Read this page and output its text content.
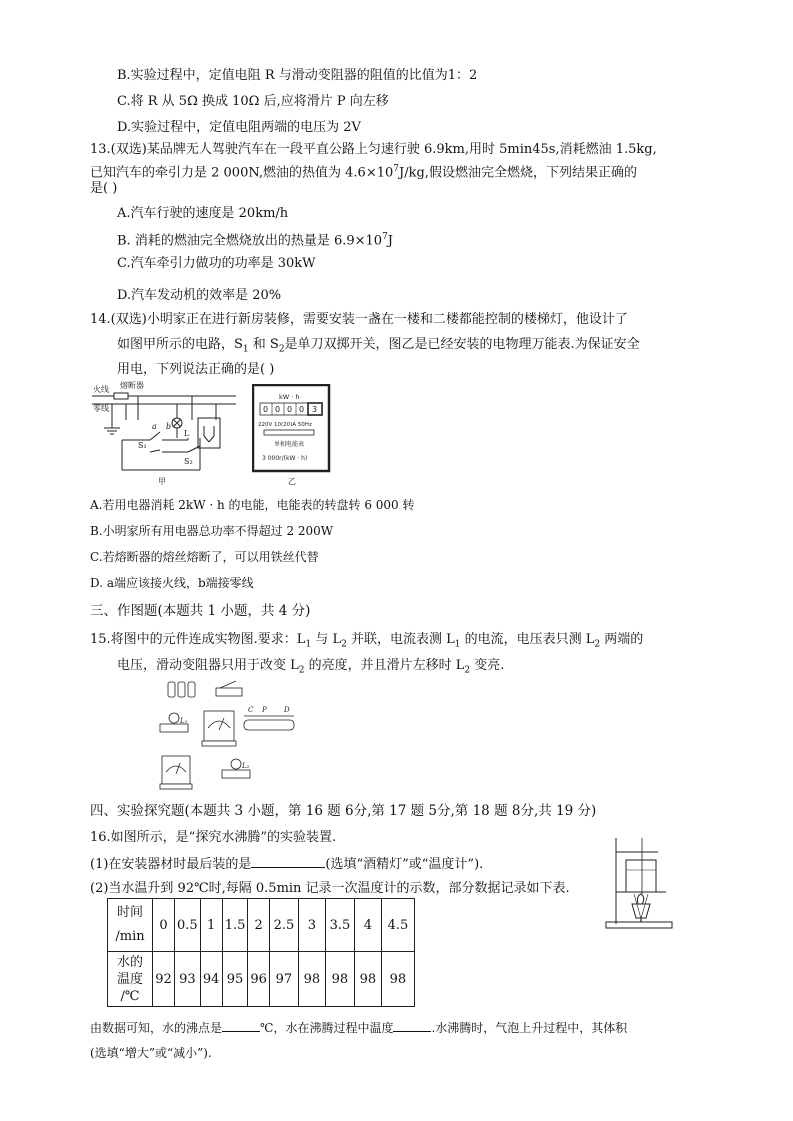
B.实验过程中，定值电阻 R 与滑动变阻器的阻值的比值为1：2
C.将 R 从 5Ω 换成 10Ω 后,应将滑片 P 向左移
D.实验过程中，定值电阻两端的电压为 2V
13.(双选)某品牌无人驾驶汽车在一段平直公路上匀速行驶 6.9km,用时 5min45s,消耗燃油 1.5kg,
已知汽车的牵引力是 2 000N,燃油的热值为 $4.6\times 10^7J/kg$,假设燃油完全燃烧，下列结果正确的
是( )
A.汽车行驶的速度是 20km/h
B. 消耗的燃油完全燃烧放出的热量是 $6.9\times 10^7J$
C.汽车牵引力做功的功率是 30kW
D.汽车发动机的效率是 20%
14.(双选)小明家正在进行新房装修，需要安装一盏在一楼和二楼都能控制的楼梯灯，他设计了
如图甲所示的电路，$S_1$ 和 $S_2$是单刀双掷开关，图乙是已经安装的电物理万能表.为保证安全
用电，下列说法正确的是( )
火线
零线
熔断器
a b
L
S₁
S₂
甲
kW · h
0 0 0 0 3
220V 10(20)A 50Hz
单相电能表
3 000r/(kW · h)
乙
A.若用电器消耗 2kW · h 的电能，电能表的转盘转 6 000 转
B.小明家所有用电器总功率不得超过 2 200W
C.若熔断器的熔丝熔断了，可以用铁丝代替
D. a端应该接火线，b端接零线
三、作图题(本题共 1 小题，共 4 分)
15.将图中的元件连成实物图.要求：$L_1$ 与 $L_2$ 并联，电流表测 $L_1$ 的电流，电压表只测 $L_2$ 两端的
电压，滑动变阻器只用于改变 $L_2$ 的亮度，并且滑片左移时 $L_2$ 变亮.
L₁
C P D
L₂
四、实验探究题(本题共 3 小题，第 16 题 6分,第 17 题 5分,第 18 题 8分,共 19 分)
16.如图所示，是“探究水沸腾”的实验装置.
(1)在安装器材时最后装的是	(选填“酒精灯”或“温度计”).
(2)当水温升到 92℃时,每隔 0.5min 记录一次温度计的示数，部分数据记录如下表.
时间
/min	0	0.5	1	1.5	2	2.5	3	3.5	4	4.5
水的
温度
/℃	92	93	94	95	96	97	98	98	98	98
由数据可知，水的沸点是	℃，水在沸腾过程中温度	.水沸腾时，气泡上升过程中，其体积
(选填“增大”或“减小”).
